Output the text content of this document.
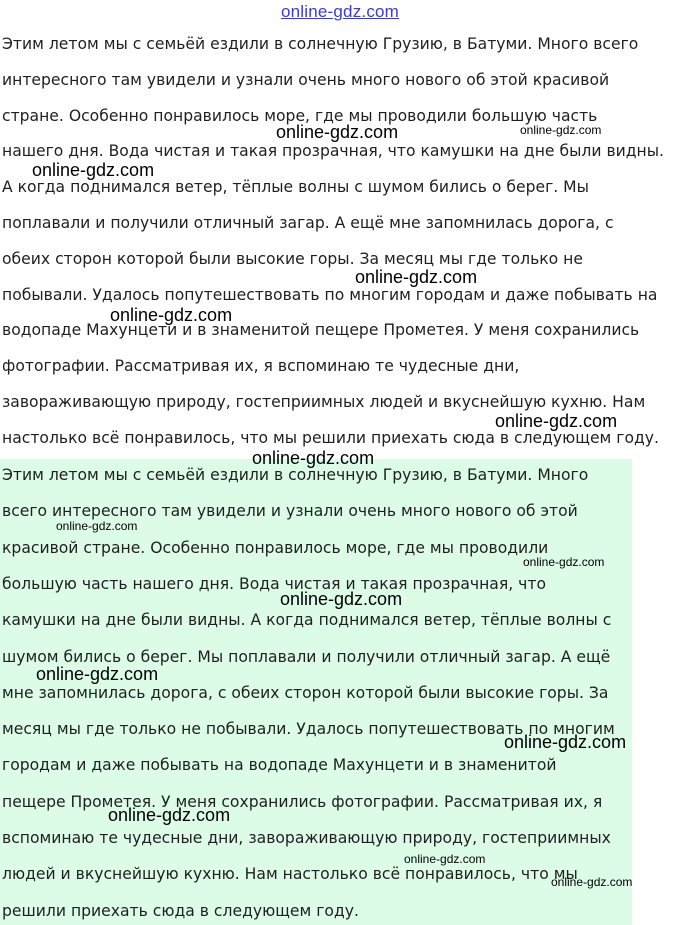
online-gdz.com
Этим летом мы с семьёй ездили в солнечную Грузию, в Батуми. Много всего
интересного там увидели и узнали очень много нового об этой красивой
стране. Особенно понравилось море, где мы проводили большую часть
нашего дня. Вода чистая и такая прозрачная, что камушки на дне были видны.
А когда поднимался ветер, тёплые волны с шумом бились о берег. Мы
поплавали и получили отличный загар. А ещё мне запомнилась дорога, с
обеих сторон которой были высокие горы. За месяц мы где только не
побывали. Удалось попутешествовать по многим городам и даже побывать на
водопаде Махунцети и в знаменитой пещере Прометея. У меня сохранились
фотографии. Рассматривая их, я вспоминаю те чудесные дни,
завораживающую природу, гостеприимных людей и вкуснейшую кухню. Нам
настолько всё понравилось, что мы решили приехать сюда в следующем году.
Этим летом мы с семьёй ездили в солнечную Грузию, в Батуми. Много
всего интересного там увидели и узнали очень много нового об этой
красивой стране. Особенно понравилось море, где мы проводили
большую часть нашего дня. Вода чистая и такая прозрачная, что
камушки на дне были видны. А когда поднимался ветер, тёплые волны с
шумом бились о берег. Мы поплавали и получили отличный загар. А ещё
мне запомнилась дорога, с обеих сторон которой были высокие горы. За
месяц мы где только не побывали. Удалось попутешествовать по многим
городам и даже побывать на водопаде Махунцети и в знаменитой
пещере Прометея. У меня сохранились фотографии. Рассматривая их, я
вспоминаю те чудесные дни, завораживающую природу, гостеприимных
людей и вкуснейшую кухню. Нам настолько всё понравилось, что мы
решили приехать сюда в следующем году.
online-gdz.com	online-gdz.com
online-gdz.com
online-gdz.com
online-gdz.com
online-gdz.com
online-gdz.com
online-gdz.com
online-gdz.com
online-gdz.com
online-gdz.com
online-gdz.com
online-gdz.com
online-gdz.com
online-gdz.com
